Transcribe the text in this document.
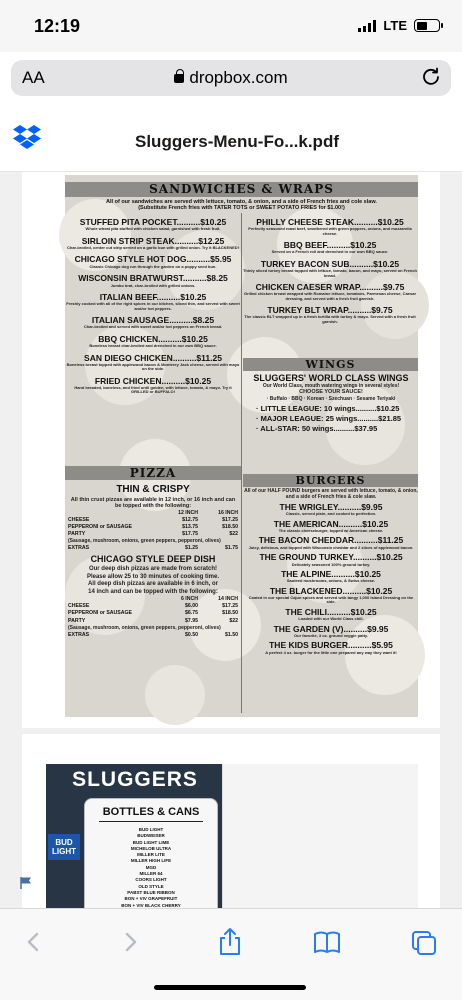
12:19	LTE
AA	dropbox.com
Sluggers-Menu-Fo...k.pdf
SANDWICHES & WRAPS
All of our sandwiches are served with lettuce, tomato, & onion, and a side of French fries and cole slaw.
(Substitute French fries with TATER TOTS or SWEET POTATO FRIES for $1.00!)
STUFFED PITA POCKET..........$10.25
Whole wheat pita stuffed with chicken salad, garnished with fresh fruit.
SIRLOIN STRIP STEAK..........$12.25
Char-broiled, center cut strip served on a garlic bun with grilled onion. Try it BLACKENED!
CHICAGO STYLE HOT DOG..........$5.95
Classic Chicago dog run through the garden on a poppy seed bun.
WISCONSIN BRATWURST..........$8.25
Jumbo brat, char-broiled with grilled onions.
ITALIAN BEEF..........$10.25
Freshly cooked with all of the right spices in our kitchen, sliced thin, and served with sweet and/or hot peppers.
ITALIAN SAUSAGE..........$8.25
Char-broiled and served with sweet and/or hot peppers on French bread.
BBQ CHICKEN..........$10.25
Boneless breast char-broiled and drenched in our own BBQ sauce.
SAN DIEGO CHICKEN..........$11.25
Boneless breast topped with applewood bacon & Monterey Jack cheese, served with mayo on the side.
FRIED CHICKEN..........$10.25
Hand breaded, boneless, and fried until golden, with lettuce, tomato, & mayo. Try it GRILLED or BUFFALO!
PHILLY CHEESE STEAK..........$10.25
Perfectly seasoned roast beef, smothered with green peppers, onions, and mozzarella cheese.
BBQ BEEF..........$10.25
Served on a French roll and drenched in our own BBQ sauce.
TURKEY BACON SUB..........$10.25
Thinly sliced turkey breast topped with lettuce, tomato, bacon, and mayo, served on French bread.
CHICKEN CAESER WRAP..........$9.75
Grilled chicken breast wrapped with Romaine lettuce, tomatoes, Parmesan cheese, Caesar dressing, and served with a fresh fruit garnish.
TURKEY BLT WRAP..........$9.75
The classic BLT wrapped up in a fresh tortilla with turkey & mayo. Served with a fresh fruit garnish.
WINGS
SLUGGERS' WORLD CLASS WINGS
Our World Class, mouth watering wings in several styles!
CHOOSE YOUR SAUCE!
· Buffalo · BBQ · Korean · Szechuan · Sesame Teriyaki
· LITTLE LEAGUE: 10 wings..........$10.25
· MAJOR LEAGUE: 25 wings..........$21.85
· ALL-STAR: 50 wings..........$37.95
PIZZA
THIN & CRISPY
All thin crust pizzas are available in 12 inch, or 16 inch and can be topped with the following:
12 INCH	16 INCH
CHEESE	$12.75	$17.25
PEPPERONI or SAUSAGE	$13.75	$18.50
PARTY	$17.75	$22
(Sausage, mushroom, onions, green peppers, pepperoni, olives)
EXTRAS	$1.25	$1.75
CHICAGO STYLE DEEP DISH
Our deep dish pizzas are made from scratch!
Please allow 25 to 30 minutes of cooking time.
All deep dish pizzas are available in 6 inch, or
14 inch and can be topped with the following:
6 INCH	14 INCH
CHEESE	$6.00	$17.25
PEPPERONI or SAUSAGE	$6.75	$18.50
PARTY	$7.95	$22
(Sausage, mushroom, onions, green peppers, pepperoni, olives)
EXTRAS	$0.50	$1.50
BURGERS
All of our HALF POUND burgers are served with lettuce, tomato, & onion, and a side of French fries & cole slaw.
THE WRIGLEY..........$9.95
Classic, served plain, and cooked to perfection.
THE AMERICAN..........$10.25
The classic cheeseburger, topped w/ American cheese.
THE BACON CHEDDAR..........$11.25
Juicy, delicious, and topped with Wisconsin cheddar and 2 slices of applewood bacon.
THE GROUND TURKEY..........$10.25
Delicately seasoned 100% ground turkey.
THE ALPINE..........$10.25
Sauteed mushrooms, onions, & Swiss cheese.
THE BLACKENED..........$10.25
Coated in our special Cajun spices and served with tangy 1,000 Island Dressing on the side.
THE CHILI..........$10.25
Loaded with our World Class chili.
THE GARDEN (V)..........$9.95
Our favorite, 3 oz. ground veggie patty.
THE KIDS BURGER..........$5.95
A perfect 4 oz. burger for the little one prepared any way they want it!
SLUGGERS
BUD LIGHT
BOTTLES & CANS
BUD LIGHT
BUDWEISER
BUD LIGHT LIME
MICHELOB ULTRA
MILLER LITE
MILLER HIGH LIFE
MGD
MILLER 64
COORS LIGHT
OLD STYLE
PABST BLUE RIBBON
BON + VIV GRAPEFRUIT
BON + VIV BLACK CHERRY
